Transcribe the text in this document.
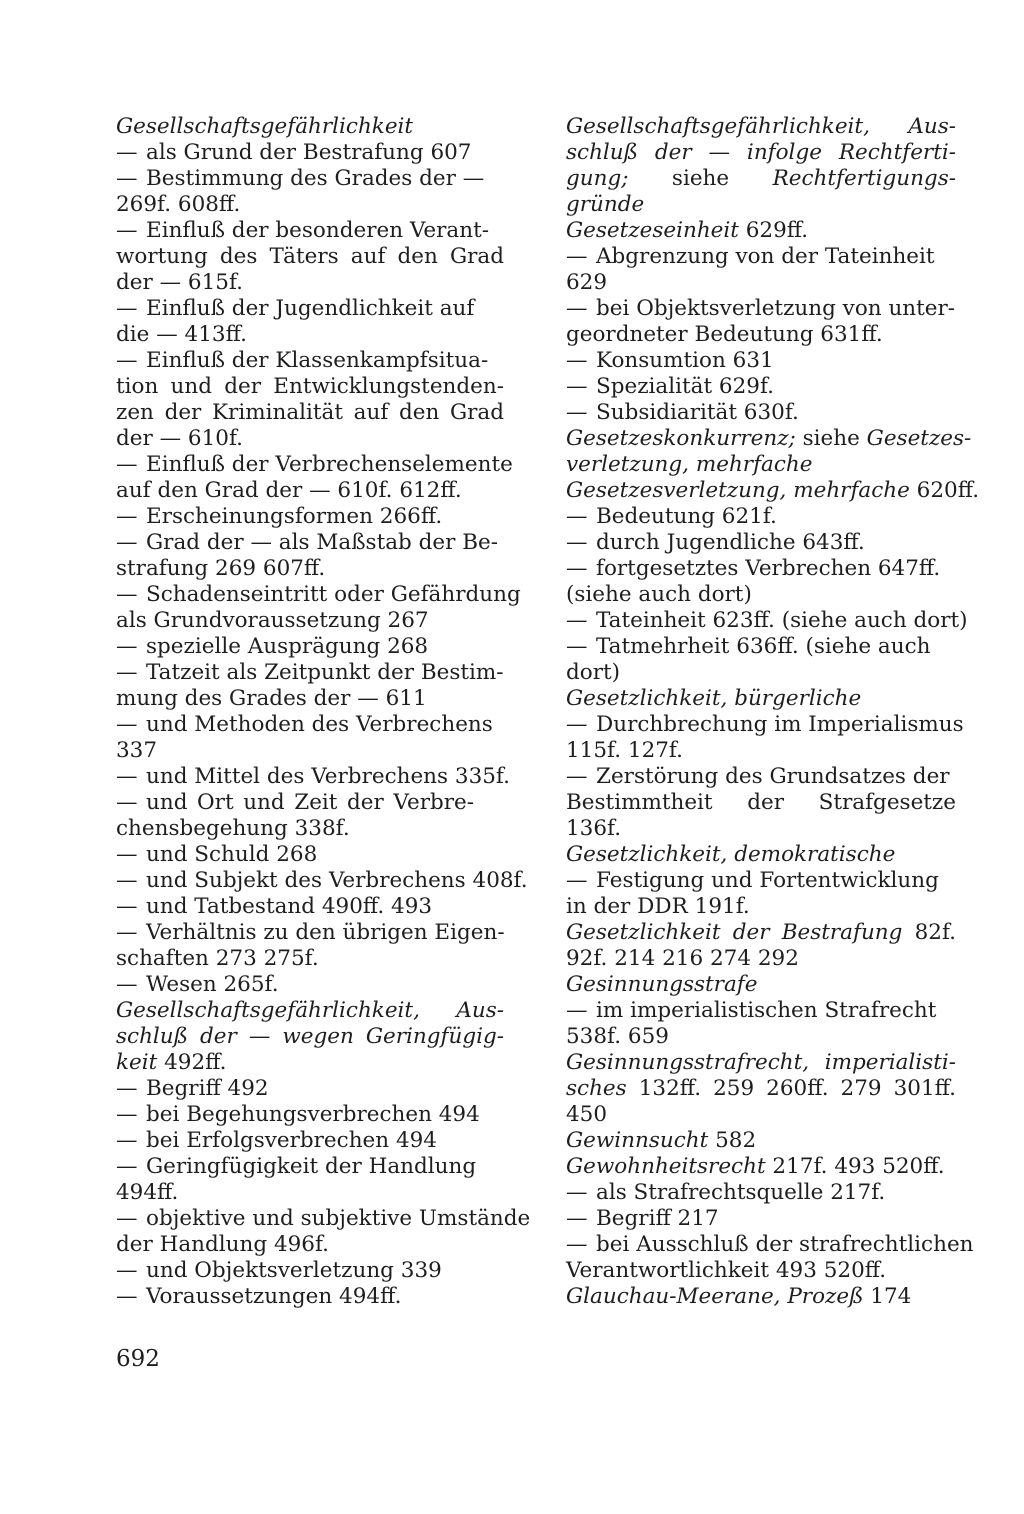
Gesellschaftsgefährlichkeit
— als Grund der Bestrafung 607
— Bestimmung des Grades der —
269f. 608ff.
— Einfluß der besonderen Verant-
wortung des Täters auf den Grad
der — 615f.
— Einfluß der Jugendlichkeit auf
die — 413ff.
— Einfluß der Klassenkampfsitua-
tion und der Entwicklungstenden-
zen der Kriminalität auf den Grad
der — 610f.
— Einfluß der Verbrechenselemente
auf den Grad der — 610f. 612ff.
— Erscheinungsformen 266ff.
— Grad der — als Maßstab der Be-
strafung 269 607ff.
— Schadenseintritt oder Gefährdung
als Grundvoraussetzung 267
— spezielle Ausprägung 268
— Tatzeit als Zeitpunkt der Bestim-
mung des Grades der — 611
— und Methoden des Verbrechens
337
— und Mittel des Verbrechens 335f.
— und Ort und Zeit der Verbre-
chensbegehung 338f.
— und Schuld 268
— und Subjekt des Verbrechens 408f.
— und Tatbestand 490ff. 493
— Verhältnis zu den übrigen Eigen-
schaften 273 275f.
— Wesen 265f.
Gesellschaftsgefährlichkeit, Aus-
schluß der — wegen Geringfügig-
keit 492ff.
— Begriff 492
— bei Begehungsverbrechen 494
— bei Erfolgsverbrechen 494
— Geringfügigkeit der Handlung
494ff.
— objektive und subjektive Umstände
der Handlung 496f.
— und Objektsverletzung 339
— Voraussetzungen 494ff.
Gesellschaftsgefährlichkeit, Aus-
schluß der — infolge Rechtferti-
gung; siehe Rechtfertigungs-
gründe
Gesetzeseinheit 629ff.
— Abgrenzung von der Tateinheit
629
— bei Objektsverletzung von unter-
geordneter Bedeutung 631ff.
— Konsumtion 631
— Spezialität 629f.
— Subsidiarität 630f.
Gesetzeskonkurrenz; siehe Gesetzes-
verletzung, mehrfache
Gesetzesverletzung, mehrfache 620ff.
— Bedeutung 621f.
— durch Jugendliche 643ff.
— fortgesetztes Verbrechen 647ff.
(siehe auch dort)
— Tateinheit 623ff. (siehe auch dort)
— Tatmehrheit 636ff. (siehe auch
dort)
Gesetzlichkeit, bürgerliche
— Durchbrechung im Imperialismus
115f. 127f.
— Zerstörung des Grundsatzes der
Bestimmtheit der Strafgesetze
136f.
Gesetzlichkeit, demokratische
— Festigung und Fortentwicklung
in der DDR 191f.
Gesetzlichkeit der Bestrafung 82f.
92f. 214 216 274 292
Gesinnungsstrafe
— im imperialistischen Strafrecht
538f. 659
Gesinnungsstrafrecht, imperialisti-
sches 132ff. 259 260ff. 279 301ff.
450
Gewinnsucht 582
Gewohnheitsrecht 217f. 493 520ff.
— als Strafrechtsquelle 217f.
— Begriff 217
— bei Ausschluß der strafrechtlichen
Verantwortlichkeit 493 520ff.
Glauchau-Meerane, Prozeß 174
692
